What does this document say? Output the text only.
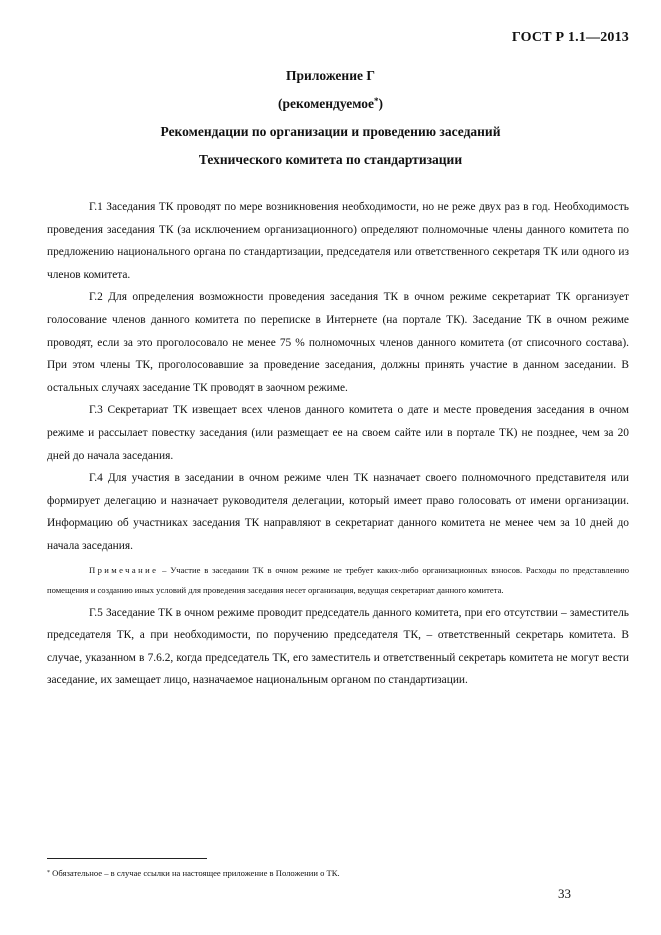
ГОСТ Р 1.1—2013
Приложение Г
(рекомендуемое*)
Рекомендации по организации и проведению заседаний
Технического комитета по стандартизации

Г.1 Заседания ТК проводят по мере возникновения необходимости, но не реже двух раз в год. Необходимость проведения заседания ТК (за исключением организационного) определяют полномочные члены данного комитета по предложению национального органа по стандартизации, председателя или ответственного секретаря ТК или одного из членов комитета.

Г.2 Для определения возможности проведения заседания ТК в очном режиме секретариат ТК организует голосование членов данного комитета по переписке в Интернете (на портале ТК). Заседание ТК в очном режиме проводят, если за это проголосовало не менее 75 % полномочных членов данного комитета (от списочного состава). При этом члены ТК, проголосовавшие за проведение заседания, должны принять участие в данном заседании. В остальных случаях заседание ТК проводят в заочном режиме.

Г.3 Секретариат ТК извещает всех членов данного комитета о дате и месте проведения заседания в очном режиме и рассылает повестку заседания (или размещает ее на своем сайте или в портале ТК) не позднее, чем за 20 дней до начала заседания.

Г.4 Для участия в заседании в очном режиме член ТК назначает своего полномочного представителя или формирует делегацию и назначает руководителя делегации, который имеет право голосовать от имени организации. Информацию об участниках заседания ТК направляют в секретариат данного комитета не менее чем за 10 дней до начала заседания.

Примечание – Участие в заседании ТК в очном режиме не требует каких-либо организационных взносов. Расходы по представлению помещения и созданию иных условий для проведения заседания несет организация, ведущая секретариат данного комитета.

Г.5 Заседание ТК в очном режиме проводит председатель данного комитета, при его отсутствии – заместитель председателя ТК, а при необходимости, по поручению председателя ТК, – ответственный секретарь комитета. В случае, указанном в 7.6.2, когда председатель ТК, его заместитель и ответственный секретарь комитета не могут вести заседание, их замещает лицо, назначаемое национальным органом по стандартизации.

* Обязательное – в случае ссылки на настоящее приложение в Положении о ТК.
33
